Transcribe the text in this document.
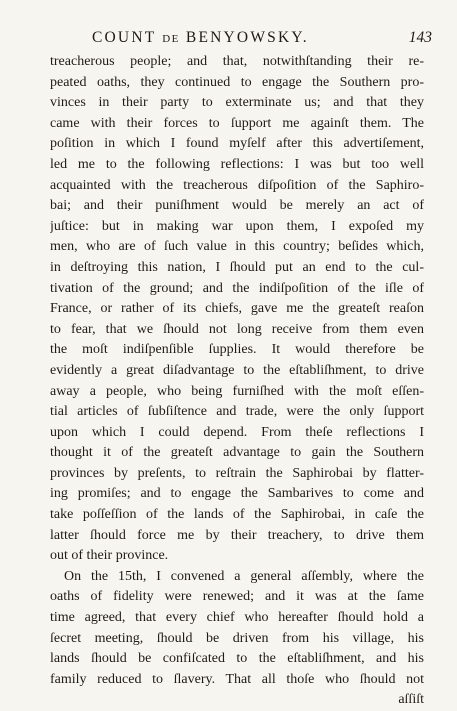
COUNT DE BENYOWSKY.	143
treacherous people; and that, notwithſtanding their re-
peated oaths, they continued to engage the Southern pro-
vinces in their party to exterminate us; and that they
came with their forces to ſupport me againſt them. The
poſition in which I found myſelf after this advertiſement,
led me to the following reflections: I was but too well
acquainted with the treacherous diſpoſition of the Saphiro-
bai; and their puniſhment would be merely an act of
juſtice: but in making war upon them, I expoſed my
men, who are of ſuch value in this country; beſides which,
in deſtroying this nation, I ſhould put an end to the cul-
tivation of the ground; and the indiſpoſition of the iſle of
France, or rather of its chiefs, gave me the greateſt reaſon
to fear, that we ſhould not long receive from them even
the moſt indiſpenſible ſupplies. It would therefore be
evidently a great diſadvantage to the eſtabliſhment, to drive
away a people, who being furniſhed with the moſt eſſen-
tial articles of ſubſiſtence and trade, were the only ſupport
upon which I could depend. From theſe reflections I
thought it of the greateſt advantage to gain the Southern
provinces by preſents, to reſtrain the Saphirobai by flatter-
ing promiſes; and to engage the Sambarives to come and
take poſſeſſion of the lands of the Saphirobai, in caſe the
latter ſhould force me by their treachery, to drive them
out of their province.
On the 15th, I convened a general aſſembly, where the
oaths of fidelity were renewed; and it was at the ſame
time agreed, that every chief who hereafter ſhould hold a
ſecret meeting, ſhould be driven from his village, his
lands ſhould be confiſcated to the eſtabliſhment, and his
family reduced to ſlavery. That all thoſe who ſhould not
aſſiſt
